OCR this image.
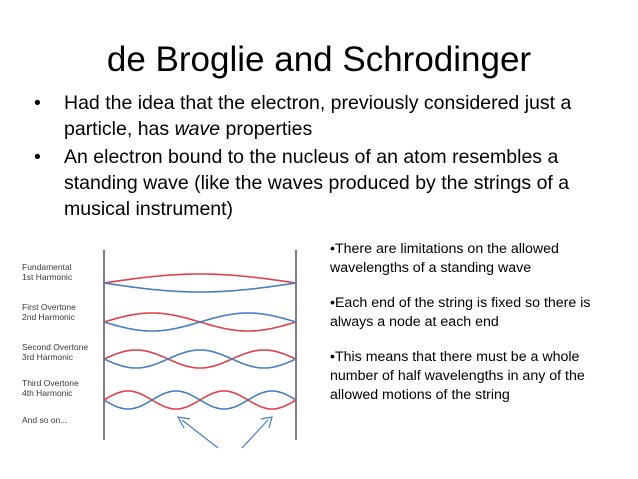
de Broglie and Schrodinger
• Had the idea that the electron, previously considered just a particle, has wave properties
• An electron bound to the nucleus of an atom resembles a standing wave (like the waves produced by the strings of a musical instrument)
Fundamental
1st Harmonic
First Overtone
2nd Harmonic
Second Overtone
3rd Harmonic
Third Overtone
4th Harmonic
And so on...

•There are limitations on the allowed wavelengths of a standing wave

•Each end of the string is fixed so there is always a node at each end

•This means that there must be a whole number of half wavelengths in any of the allowed motions of the string
